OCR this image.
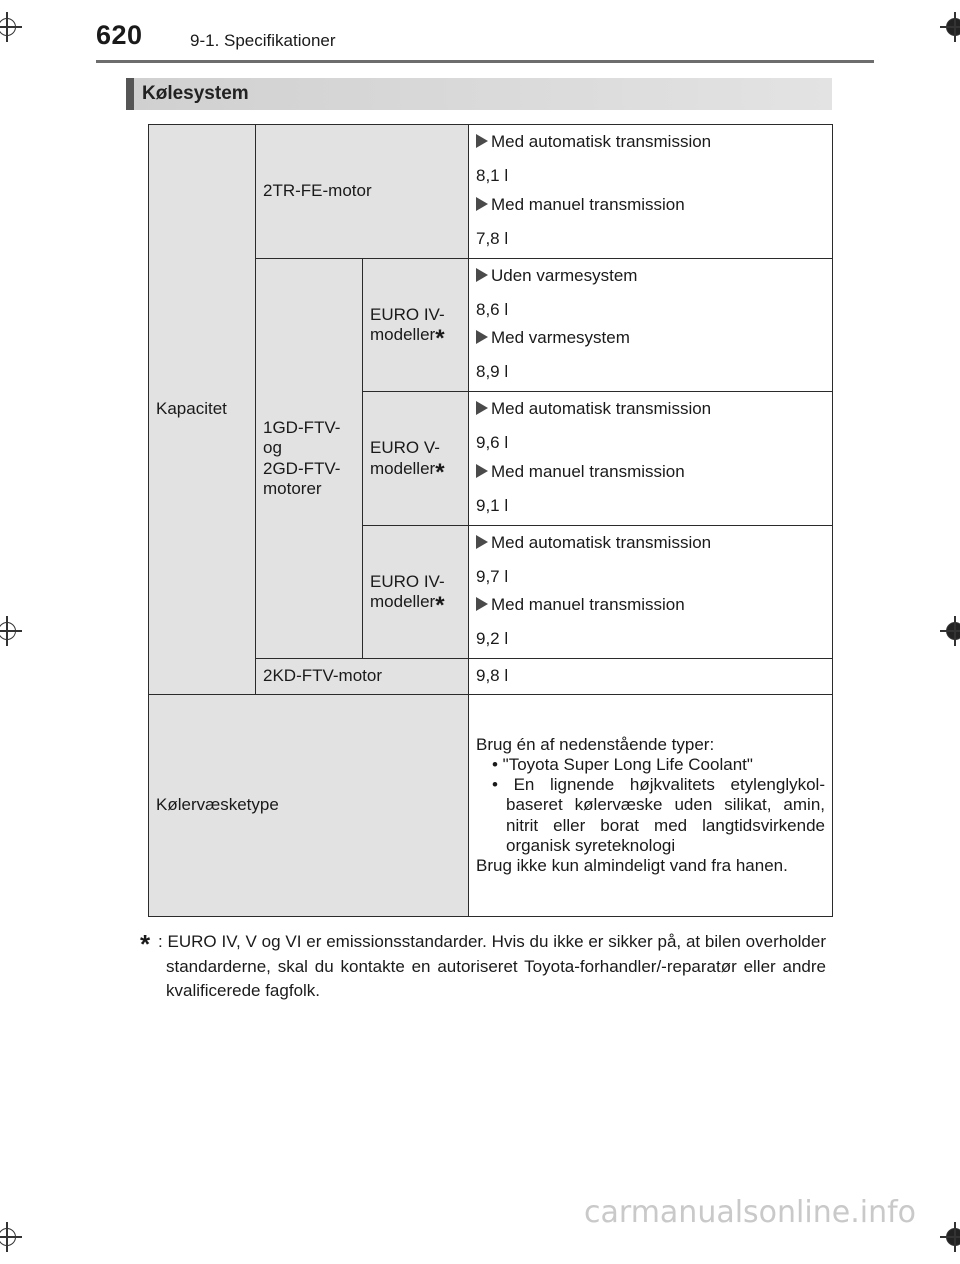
620	9-1. Specifikationer
Kølesystem
Kapacitet	2TR-FE-motor		Med automatisk transmission
8,1 l
Med manuel transmission
7,8 l

	1GD-FTV-
og
2GD-FTV-
motorer	EURO IV-
modeller*	Uden varmesystem
8,6 l
Med varmesystem
8,9 l

		EURO V-
modeller*	Med automatisk transmission
9,6 l
Med manuel transmission
9,1 l

		EURO IV-
modeller*	Med automatisk transmission
9,7 l
Med manuel transmission
9,2 l

	2KD-FTV-motor		9,8 l
Kølervæsketype			Brug én af nedenstående typer:
• "Toyota Super Long Life Coolant"
• En lignende højkvalitets etylenglykol-baseret kølervæske uden silikat, amin, nitrit eller borat med langtidsvirkende organisk syreteknologi
Brug ikke kun almindeligt vand fra hanen.
* : EURO IV, V og VI er emissionsstandarder. Hvis du ikke er sikker på, at bilen overholder standarderne, skal du kontakte en autoriseret Toyota-forhandler/-reparatør eller andre kvalificerede fagfolk.
carmanualsonline.info
